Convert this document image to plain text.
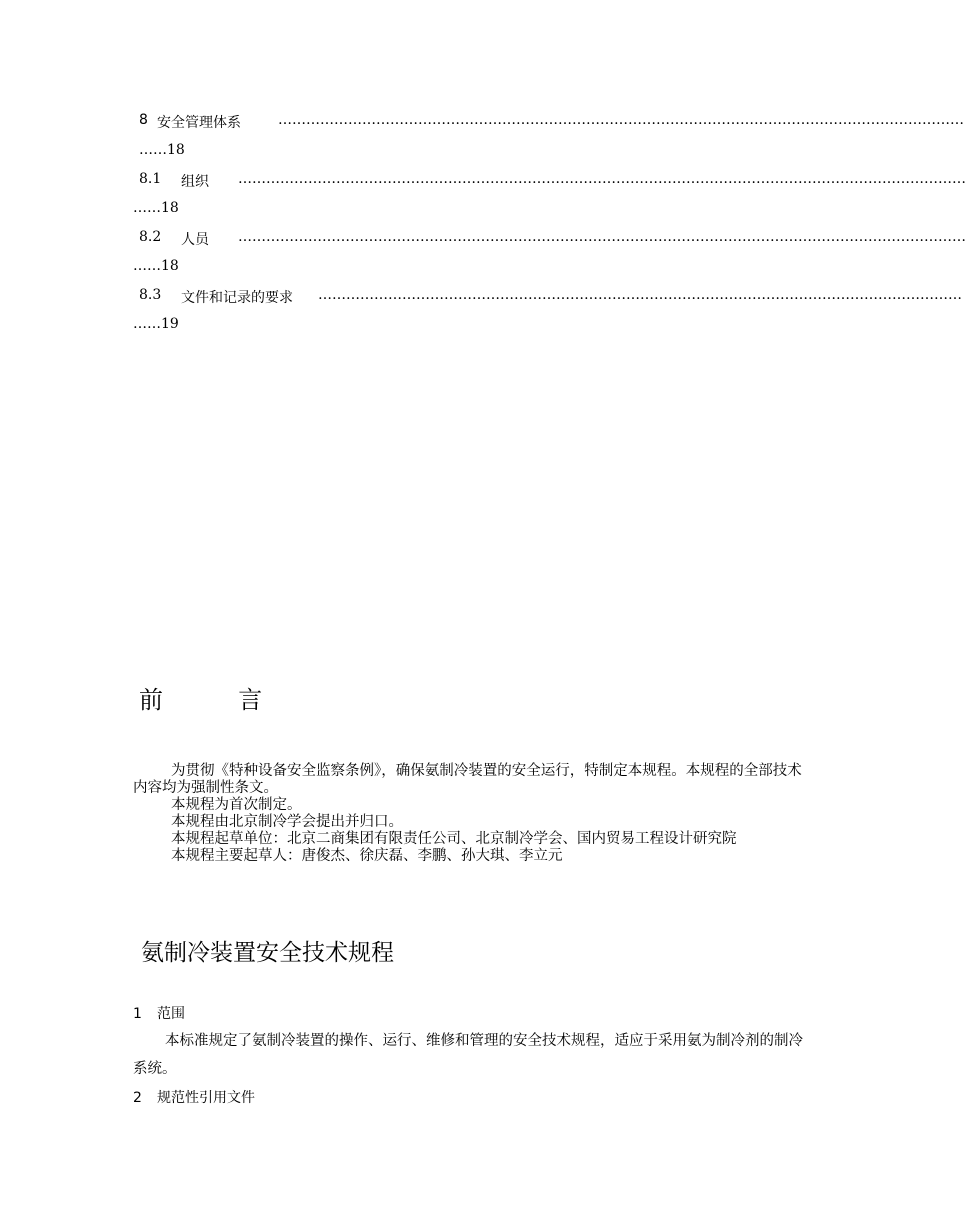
8 安全管理体系	…………………………………………………………………………………………………………………………………
……18
8.1 组织 …………………………………………………………………………………………………………………………………………
……18
8.2 人员 …………………………………………………………………………………………………………………………………………
……18
8.3 文件和记录的要求 …………………………………………………………………………………………………………………………
……19
前	言
为贯彻《特种设备安全监察条例》，确保氨制冷装置的安全运行，特制定本规程。本规程的全部技术内容均为强制性条文。
本规程为首次制定。
本规程由北京制冷学会提出并归口。
本规程起草单位：北京二商集团有限责任公司、北京制冷学会、国内贸易工程设计研究院
本规程主要起草人：唐俊杰、徐庆磊、李鹏、孙大琪、李立元
氨制冷装置安全技术规程
1 范围
本标准规定了氨制冷装置的操作、运行、维修和管理的安全技术规程，适应于采用氨为制冷剂的制冷系统。
2 规范性引用文件
